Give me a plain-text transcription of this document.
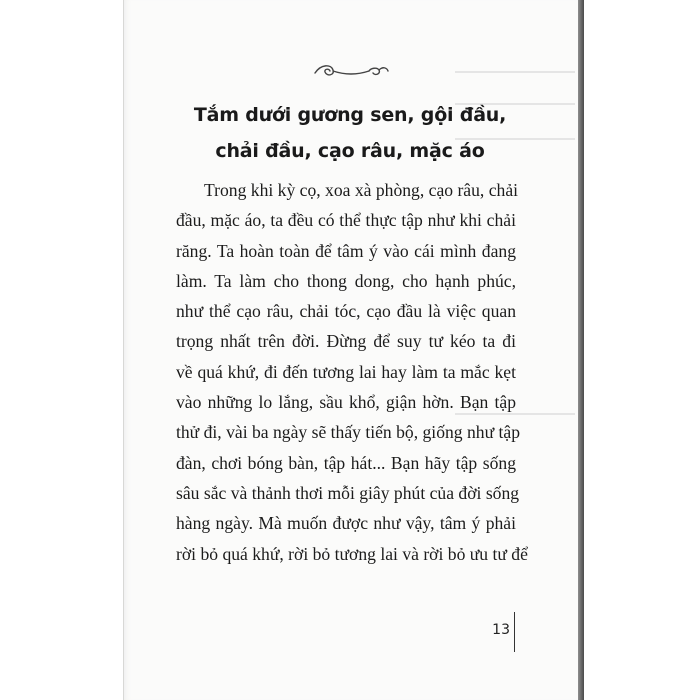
Tắm dưới gương sen, gội đầu,
chải đầu, cạo râu, mặc áo
Trong khi kỳ cọ, xoa xà phòng, cạo râu, chải
đầu, mặc áo, ta đều có thể thực tập như khi chải
răng. Ta hoàn toàn để tâm ý vào cái mình đang
làm. Ta làm cho thong dong, cho hạnh phúc,
như thể cạo râu, chải tóc, cạo đầu là việc quan
trọng nhất trên đời. Đừng để suy tư kéo ta đi
về quá khứ, đi đến tương lai hay làm ta mắc kẹt
vào những lo lắng, sầu khổ, giận hờn. Bạn tập
thử đi, vài ba ngày sẽ thấy tiến bộ, giống như tập
đàn, chơi bóng bàn, tập hát... Bạn hãy tập sống
sâu sắc và thảnh thơi mỗi giây phút của đời sống
hàng ngày. Mà muốn được như vậy, tâm ý phải
rời bỏ quá khứ, rời bỏ tương lai và rời bỏ ưu tư để
13
